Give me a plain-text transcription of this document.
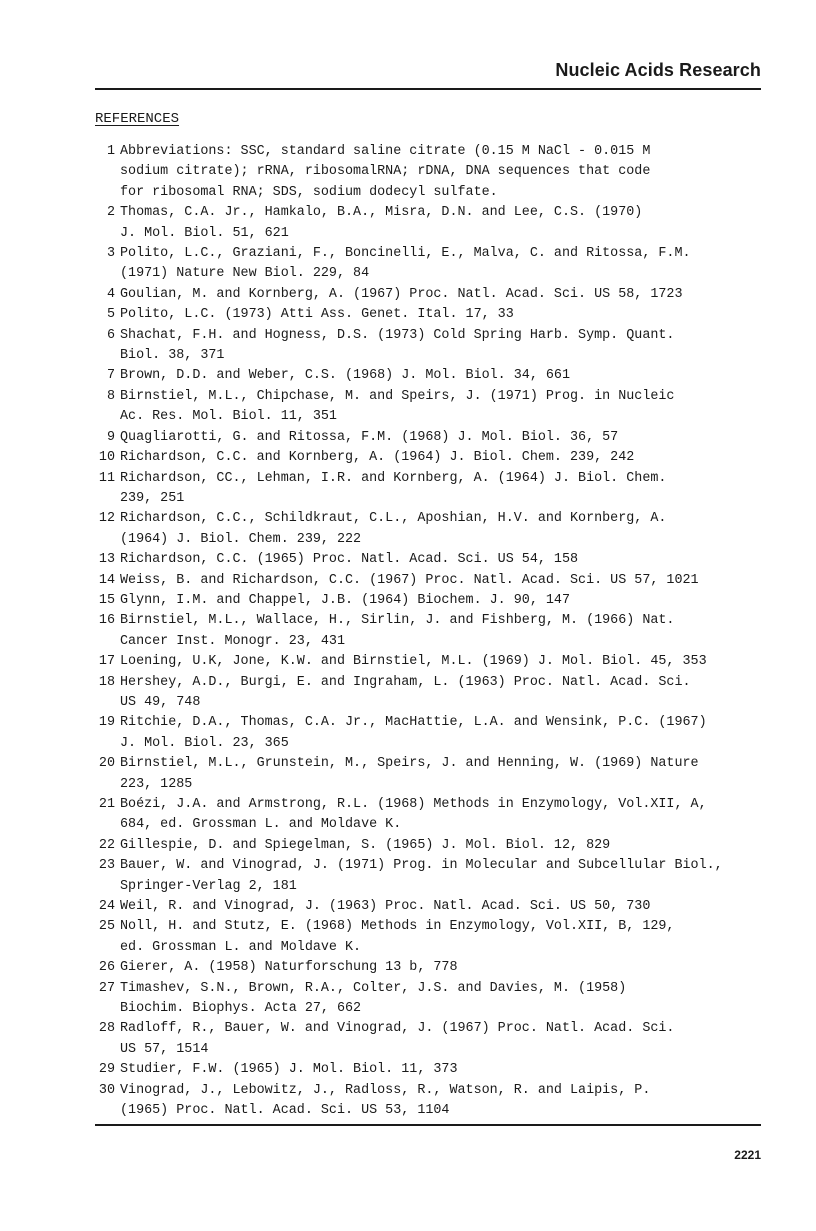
Nucleic Acids Research
REFERENCES
1 Abbreviations: SSC, standard saline citrate (0.15 M NaCl - 0.015 M
sodium citrate); rRNA, ribosomalRNA; rDNA, DNA sequences that code
for ribosomal RNA; SDS, sodium dodecyl sulfate.
2 Thomas, C.A. Jr., Hamkalo, B.A., Misra, D.N. and Lee, C.S. (1970)
J. Mol. Biol. 51, 621
3 Polito, L.C., Graziani, F., Boncinelli, E., Malva, C. and Ritossa, F.M.
(1971) Nature New Biol. 229, 84
4 Goulian, M. and Kornberg, A. (1967) Proc. Natl. Acad. Sci. US 58, 1723
5 Polito, L.C. (1973) Atti Ass. Genet. Ital. 17, 33
6 Shachat, F.H. and Hogness, D.S. (1973) Cold Spring Harb. Symp. Quant.
Biol. 38, 371
7 Brown, D.D. and Weber, C.S. (1968) J. Mol. Biol. 34, 661
8 Birnstiel, M.L., Chipchase, M. and Speirs, J. (1971) Prog. in Nucleic
Ac. Res. Mol. Biol. 11, 351
9 Quagliarotti, G. and Ritossa, F.M. (1968) J. Mol. Biol. 36, 57
10 Richardson, C.C. and Kornberg, A. (1964) J. Biol. Chem. 239, 242
11 Richardson, CC., Lehman, I.R. and Kornberg, A. (1964) J. Biol. Chem.
239, 251
12 Richardson, C.C., Schildkraut, C.L., Aposhian, H.V. and Kornberg, A.
(1964) J. Biol. Chem. 239, 222
13 Richardson, C.C. (1965) Proc. Natl. Acad. Sci. US 54, 158
14 Weiss, B. and Richardson, C.C. (1967) Proc. Natl. Acad. Sci. US 57, 1021
15 Glynn, I.M. and Chappel, J.B. (1964) Biochem. J. 90, 147
16 Birnstiel, M.L., Wallace, H., Sirlin, J. and Fishberg, M. (1966) Nat.
Cancer Inst. Monogr. 23, 431
17 Loening, U.K, Jone, K.W. and Birnstiel, M.L. (1969) J. Mol. Biol. 45, 353
18 Hershey, A.D., Burgi, E. and Ingraham, L. (1963) Proc. Natl. Acad. Sci.
US 49, 748
19 Ritchie, D.A., Thomas, C.A. Jr., MacHattie, L.A. and Wensink, P.C. (1967)
J. Mol. Biol. 23, 365
20 Birnstiel, M.L., Grunstein, M., Speirs, J. and Henning, W. (1969) Nature
223, 1285
21 Boézi, J.A. and Armstrong, R.L. (1968) Methods in Enzymology, Vol.XII, A,
684, ed. Grossman L. and Moldave K.
22 Gillespie, D. and Spiegelman, S. (1965) J. Mol. Biol. 12, 829
23 Bauer, W. and Vinograd, J. (1971) Prog. in Molecular and Subcellular Biol.,
Springer-Verlag 2, 181
24 Weil, R. and Vinograd, J. (1963) Proc. Natl. Acad. Sci. US 50, 730
25 Noll, H. and Stutz, E. (1968) Methods in Enzymology, Vol.XII, B, 129,
ed. Grossman L. and Moldave K.
26 Gierer, A. (1958) Naturforschung 13 b, 778
27 Timashev, S.N., Brown, R.A., Colter, J.S. and Davies, M. (1958)
Biochim. Biophys. Acta 27, 662
28 Radloff, R., Bauer, W. and Vinograd, J. (1967) Proc. Natl. Acad. Sci.
US 57, 1514
29 Studier, F.W. (1965) J. Mol. Biol. 11, 373
30 Vinograd, J., Lebowitz, J., Radloss, R., Watson, R. and Laipis, P.
(1965) Proc. Natl. Acad. Sci. US 53, 1104
2221
